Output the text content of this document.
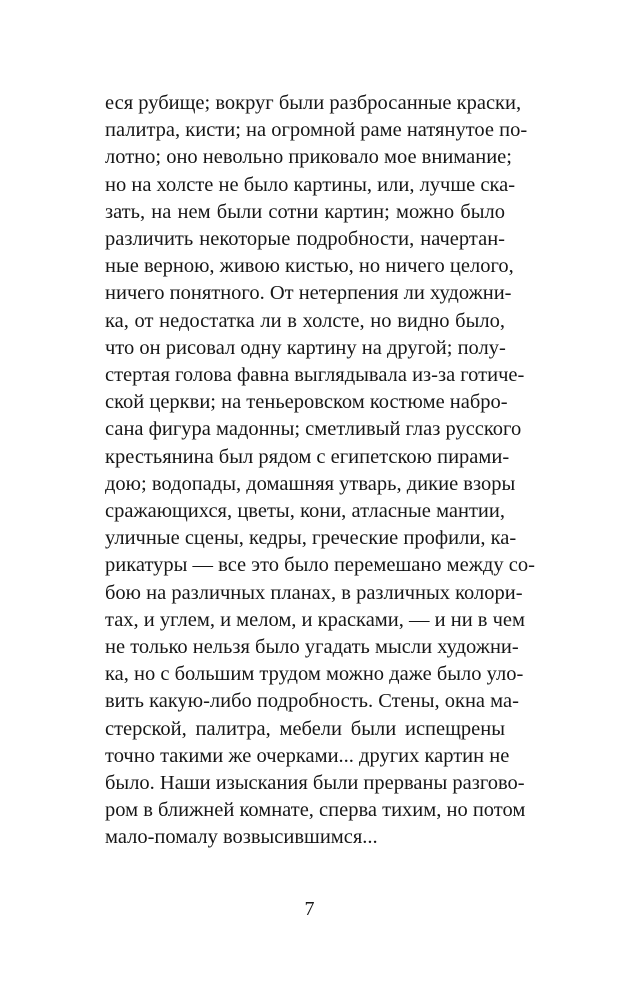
еся рубище; вокруг были разбросанные краски,
палитра, кисти; на огромной раме натянутое по-
лотно; оно невольно приковало мое внимание;
но на холсте не было картины, или, лучше ска-
зать, на нем были сотни картин; можно было
различить некоторые подробности, начертан-
ные верною, живою кистью, но ничего целого,
ничего понятного. От нетерпения ли художни-
ка, от недостатка ли в холсте, но видно было,
что он рисовал одну картину на другой; полу-
стертая голова фавна выглядывала из-за готиче-
ской церкви; на теньеровском костюме набро-
сана фигура мадонны; сметливый глаз русского
крестьянина был рядом с египетскою пирами-
дою; водопады, домашняя утварь, дикие взоры
сражающихся, цветы, кони, атласные мантии,
уличные сцены, кедры, греческие профили, ка-
рикатуры — все это было перемешано между со-
бою на различных планах, в различных колори-
тах, и углем, и мелом, и красками, — и ни в чем
не только нельзя было угадать мысли художни-
ка, но с большим трудом можно даже было уло-
вить какую-либо подробность. Стены, окна ма-
стерской, палитра, мебели были испещрены
точно такими же очерками... других картин не
было. Наши изыскания были прерваны разгово-
ром в ближней комнате, сперва тихим, но потом
мало-помалу возвысившимся...
7
